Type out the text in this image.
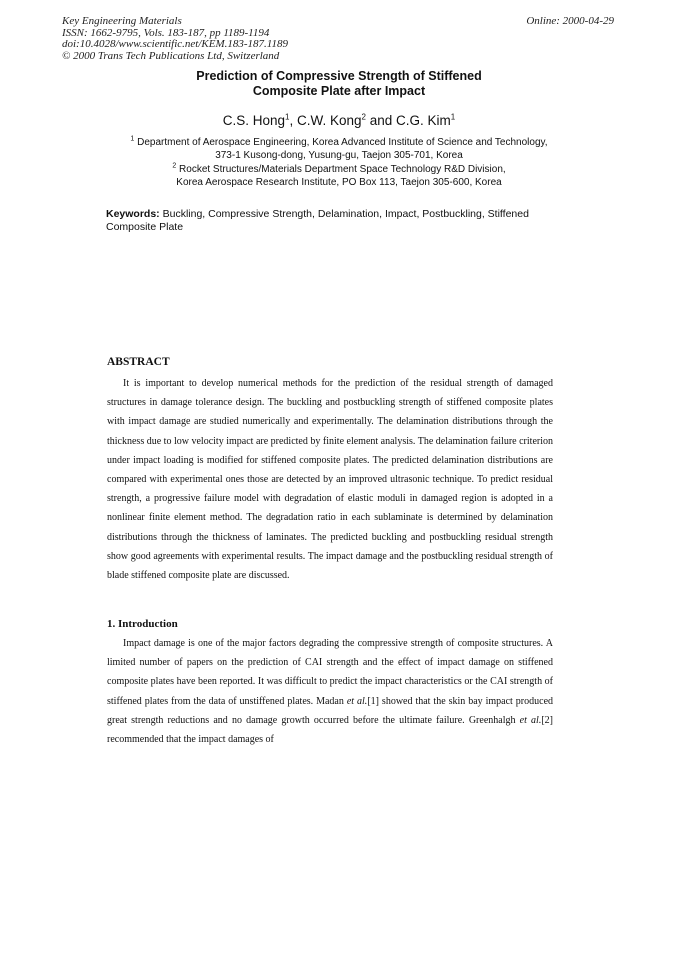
Key Engineering Materials
ISSN: 1662-9795, Vols. 183-187, pp 1189-1194
doi:10.4028/www.scientific.net/KEM.183-187.1189
© 2000 Trans Tech Publications Ltd, Switzerland
Online: 2000-04-29
Prediction of Compressive Strength of Stiffened
Composite Plate after Impact
C.S. Hong$^1$, C.W. Kong$^2$ and C.G. Kim$^1$
$^1$ Department of Aerospace Engineering, Korea Advanced Institute of Science and Technology,
373-1 Kusong-dong, Yusung-gu, Taejon 305-701, Korea
$^2$ Rocket Structures/Materials Department Space Technology R&D Division,
Korea Aerospace Research Institute, PO Box 113, Taejon 305-600, Korea
Keywords: Buckling, Compressive Strength, Delamination, Impact, Postbuckling, Stiffened Composite Plate
ABSTRACT
It is important to develop numerical methods for the prediction of the residual strength of damaged structures in damage tolerance design. The buckling and postbuckling strength of stiffened composite plates with impact damage are studied numerically and experimentally. The delamination distributions through the thickness due to low velocity impact are predicted by finite element analysis. The delamination failure criterion under impact loading is modified for stiffened composite plates. The predicted delamination distributions are compared with experimental ones those are detected by an improved ultrasonic technique. To predict residual strength, a progressive failure model with degradation of elastic moduli in damaged region is adopted in a nonlinear finite element method. The degradation ratio in each sublaminate is determined by delamination distributions through the thickness of laminates. The predicted buckling and postbuckling residual strength show good agreements with experimental results. The impact damage and the postbuckling residual strength of blade stiffened composite plate are discussed.
1. Introduction
Impact damage is one of the major factors degrading the compressive strength of composite structures. A limited number of papers on the prediction of CAI strength and the effect of impact damage on stiffened composite plates have been reported. It was difficult to predict the impact characteristics or the CAI strength of stiffened plates from the data of unstiffened plates. Madan et al.[1] showed that the skin bay impact produced great strength reductions and no damage growth occurred before the ultimate failure. Greenhalgh et al.[2] recommended that the impact damages of
